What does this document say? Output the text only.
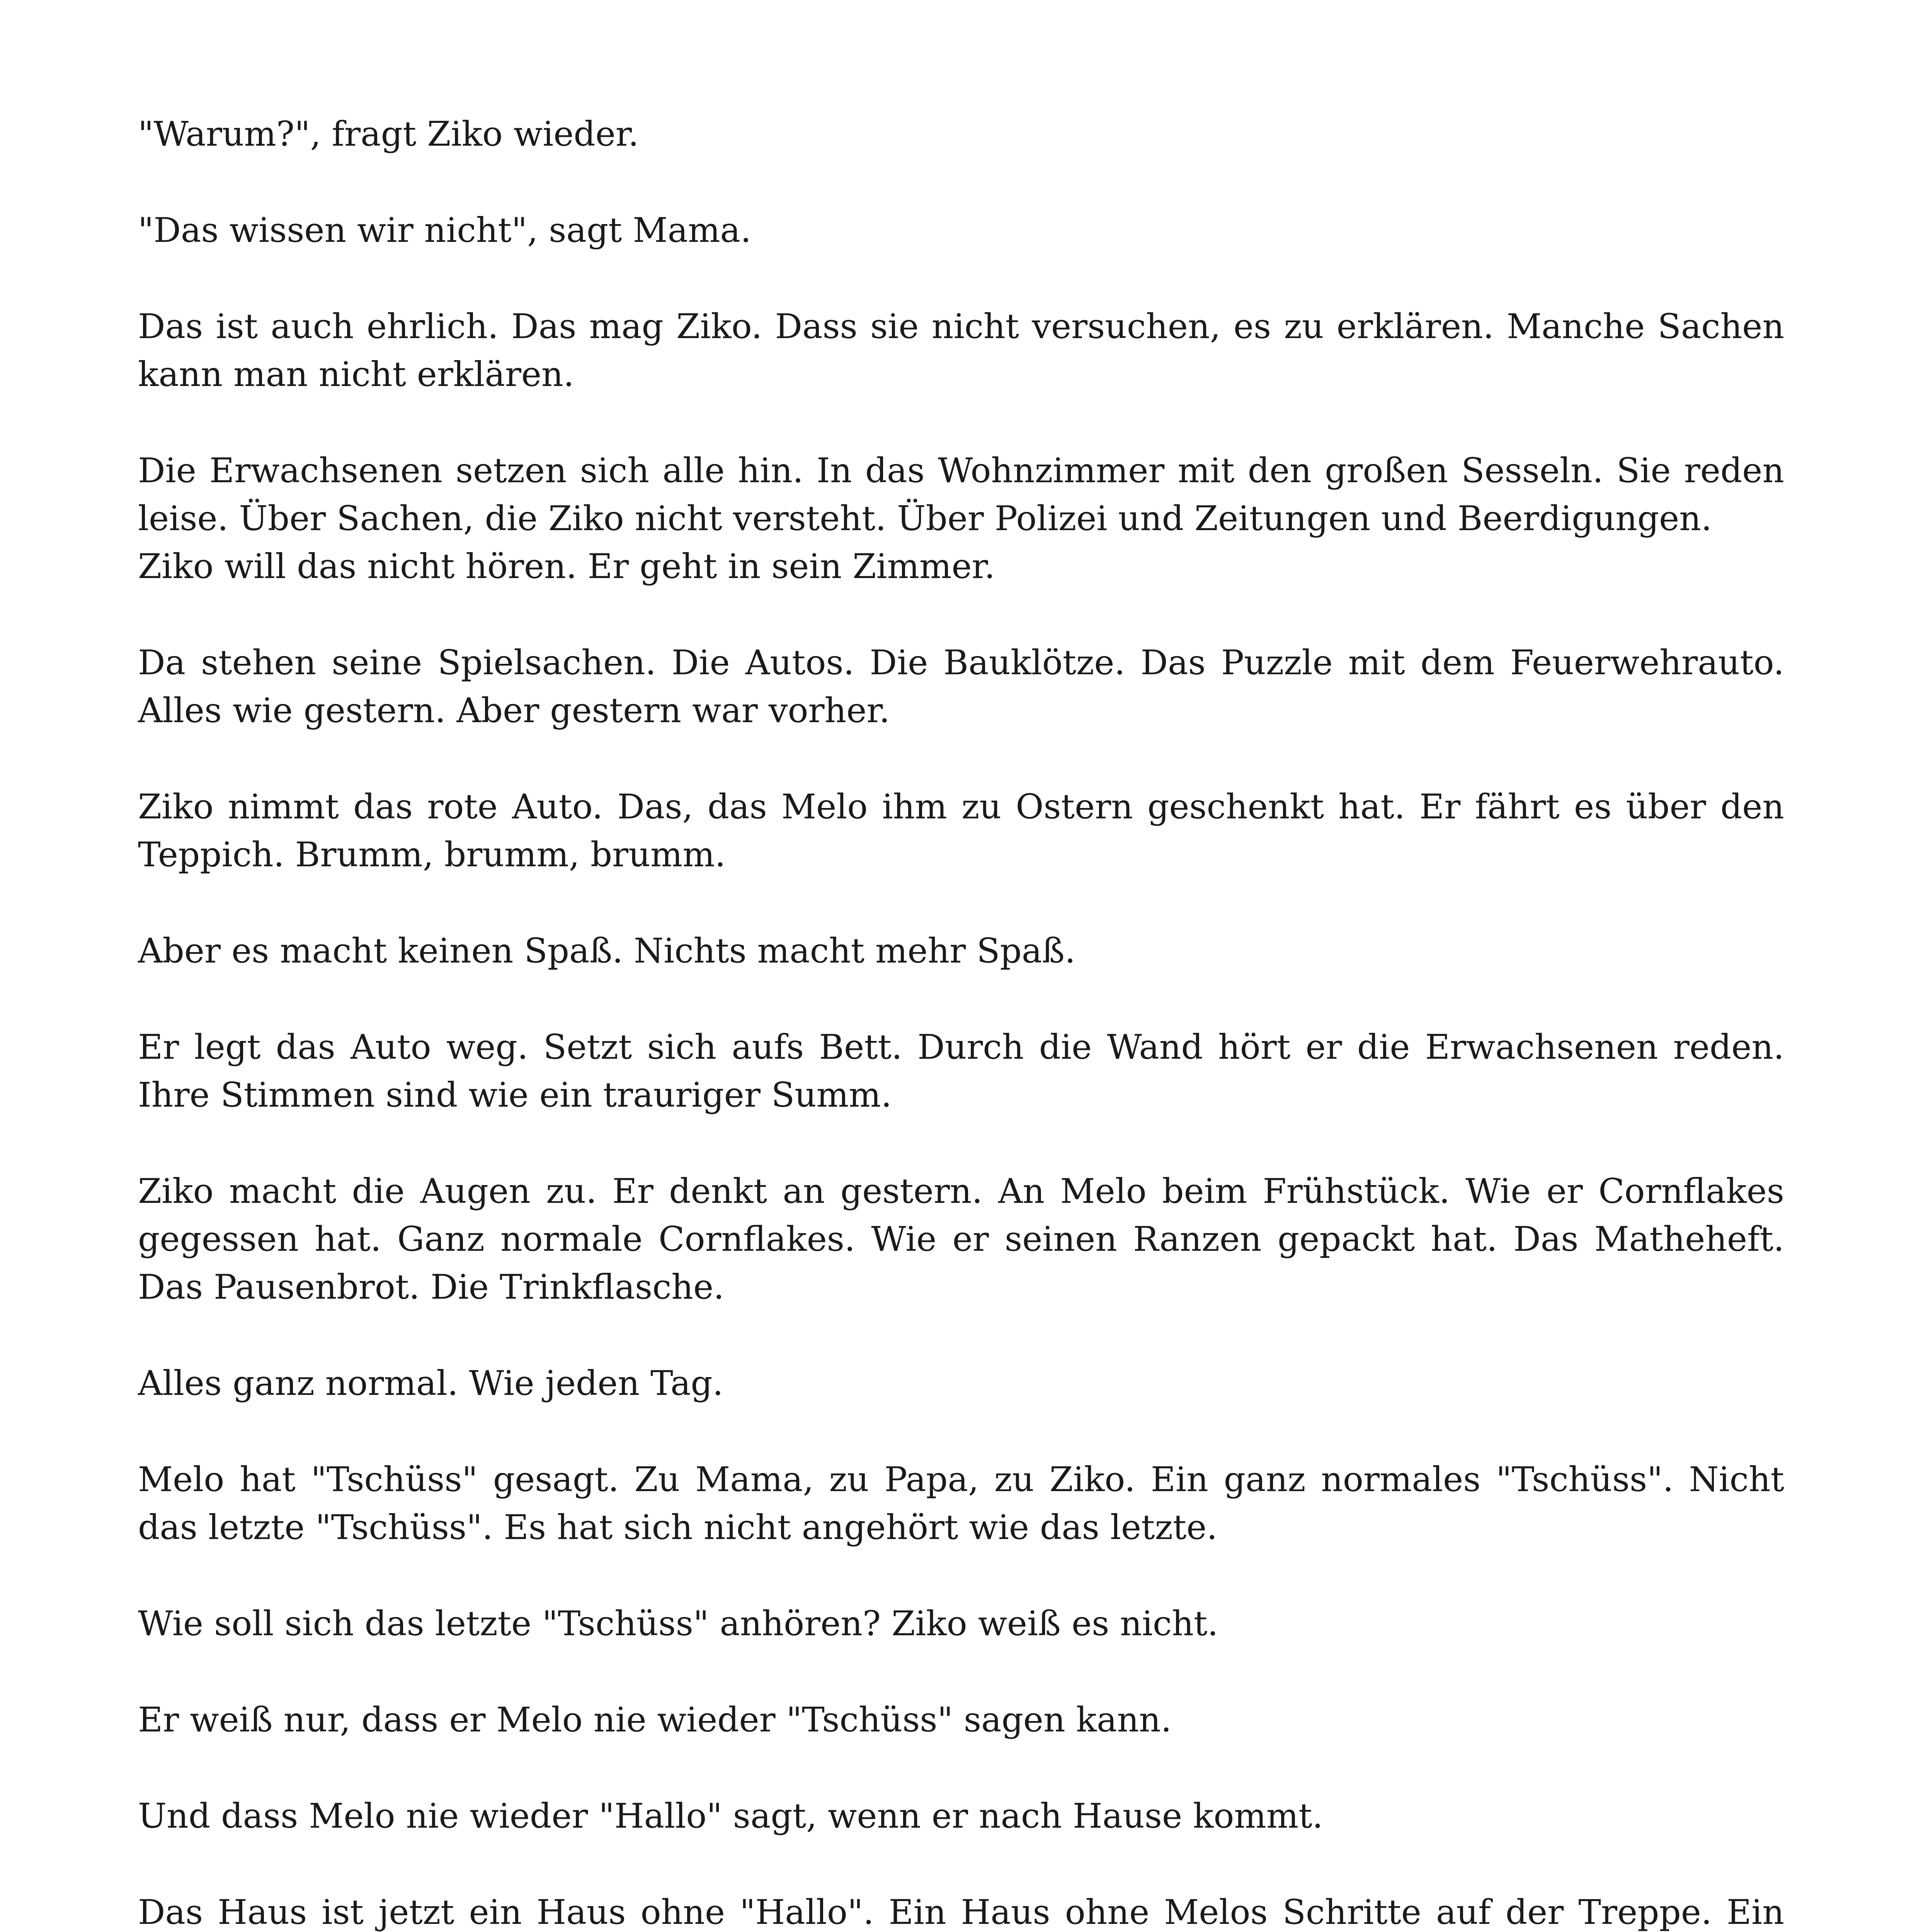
"Warum?", fragt Ziko wieder.

"Das wissen wir nicht", sagt Mama.

Das ist auch ehrlich. Das mag Ziko. Dass sie nicht versuchen, es zu erklären. Manche Sachen kann man nicht erklären.

Die Erwachsenen setzen sich alle hin. In das Wohnzimmer mit den großen Sesseln. Sie reden leise. Über Sachen, die Ziko nicht versteht. Über Polizei und Zeitungen und Beerdigungen.
Ziko will das nicht hören. Er geht in sein Zimmer.

Da stehen seine Spielsachen. Die Autos. Die Bauklötze. Das Puzzle mit dem Feuerwehrauto. Alles wie gestern. Aber gestern war vorher.

Ziko nimmt das rote Auto. Das, das Melo ihm zu Ostern geschenkt hat. Er fährt es über den Teppich. Brumm, brumm, brumm.

Aber es macht keinen Spaß. Nichts macht mehr Spaß.

Er legt das Auto weg. Setzt sich aufs Bett. Durch die Wand hört er die Erwachsenen reden. Ihre Stimmen sind wie ein trauriger Summ.

Ziko macht die Augen zu. Er denkt an gestern. An Melo beim Frühstück. Wie er Cornflakes gegessen hat. Ganz normale Cornflakes. Wie er seinen Ranzen gepackt hat. Das Matheheft. Das Pausenbrot. Die Trinkflasche.

Alles ganz normal. Wie jeden Tag.

Melo hat "Tschüss" gesagt. Zu Mama, zu Papa, zu Ziko. Ein ganz normales "Tschüss". Nicht das letzte "Tschüss". Es hat sich nicht angehört wie das letzte.

Wie soll sich das letzte "Tschüss" anhören? Ziko weiß es nicht.

Er weiß nur, dass er Melo nie wieder "Tschüss" sagen kann.

Und dass Melo nie wieder "Hallo" sagt, wenn er nach Hause kommt.

Das Haus ist jetzt ein Haus ohne "Hallo". Ein Haus ohne Melos Schritte auf der Treppe. Ein
